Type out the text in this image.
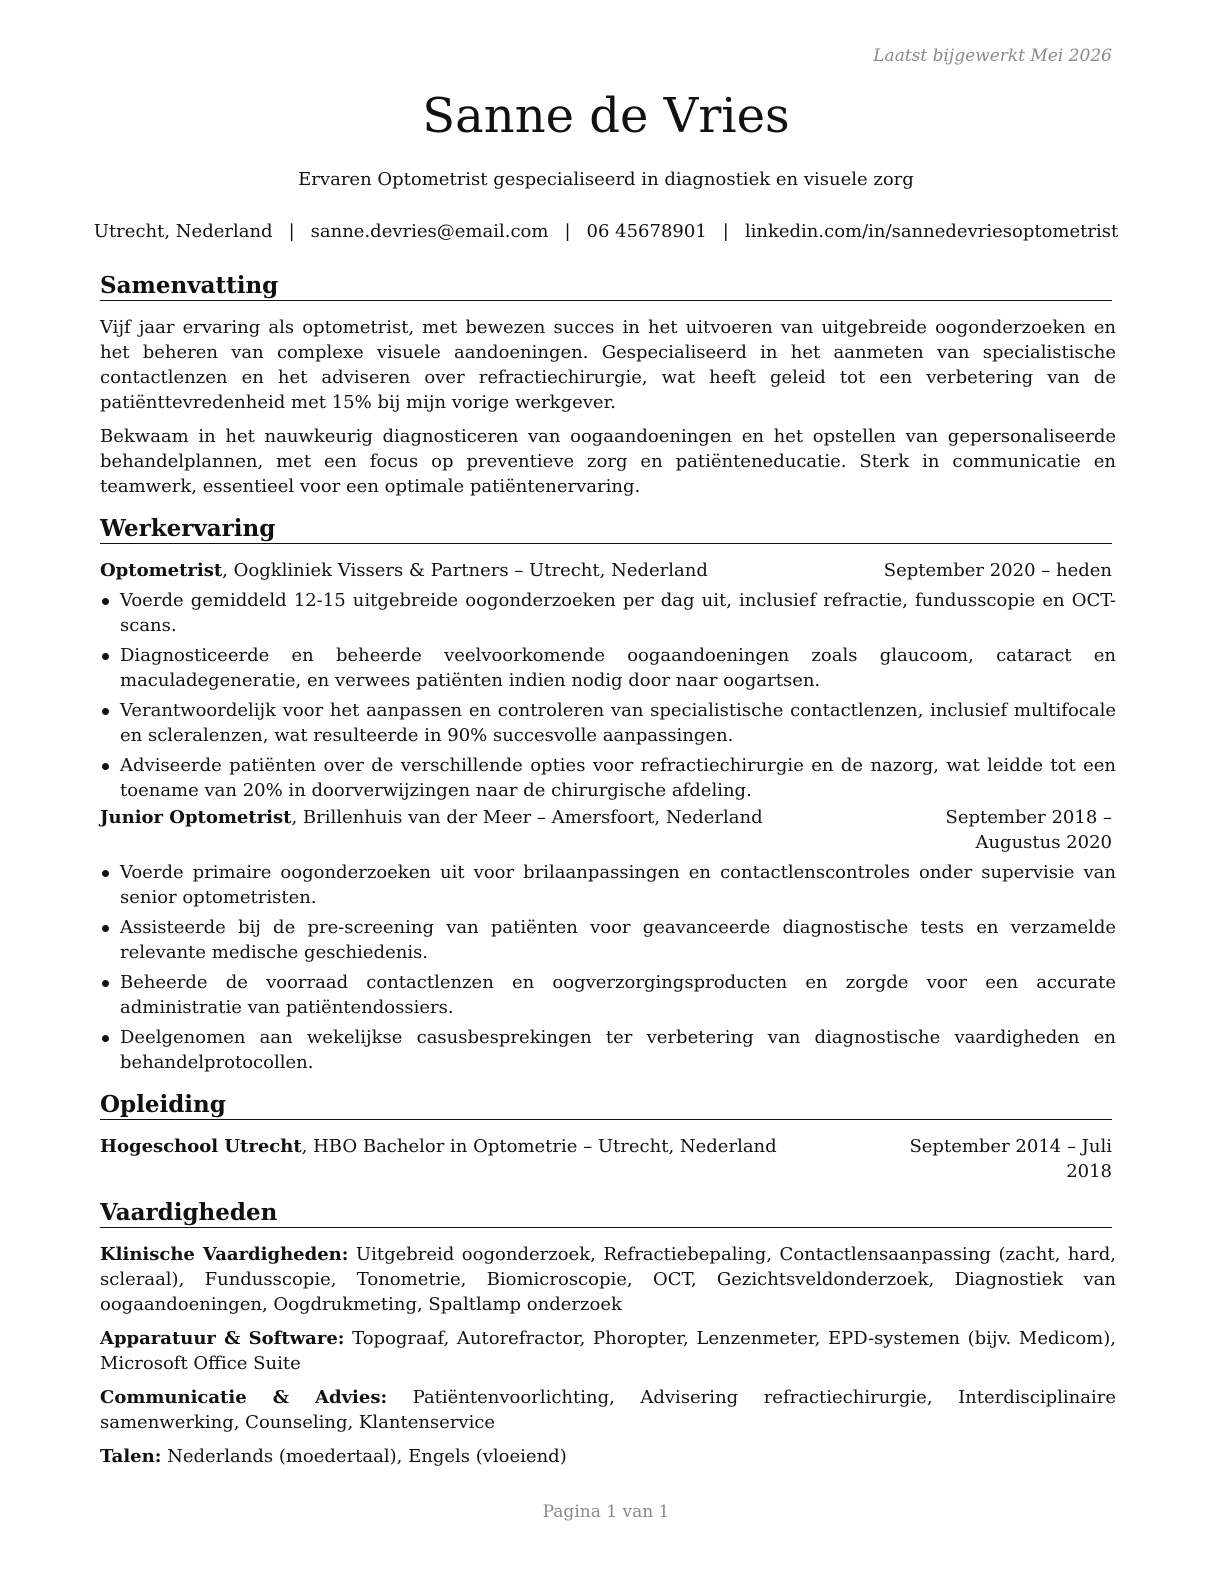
Laatst bijgewerkt Mei 2026
Sanne de Vries
Ervaren Optometrist gespecialiseerd in diagnostiek en visuele zorg
Utrecht, Nederland | sanne.devries@email.com | 06 45678901 | linkedin.com/in/sannedevriesoptometrist
Samenvatting

Vijf jaar ervaring als optometrist, met bewezen succes in het uitvoeren van uitgebreide oogonderzoeken en het beheren van complexe visuele aandoeningen. Gespecialiseerd in het aanmeten van specialistische contactlenzen en het adviseren over refractiechirurgie, wat heeft geleid tot een verbetering van de patiënttevredenheid met 15% bij mijn vorige werkgever.

Bekwaam in het nauwkeurig diagnosticeren van oogaandoeningen en het opstellen van gepersonaliseerde behandelplannen, met een focus op preventieve zorg en patiënteneducatie. Sterk in communicatie en teamwerk, essentieel voor een optimale patiëntenervaring.

Werkervaring
Optometrist, Oogkliniek Vissers & Partners – Utrecht, Nederland	September 2020 – heden
Voerde gemiddeld 12-15 uitgebreide oogonderzoeken per dag uit, inclusief refractie, fundusscopie en OCT-scans.
Diagnosticeerde en beheerde veelvoorkomende oogaandoeningen zoals glaucoom, cataract en maculadegeneratie, en verwees patiënten indien nodig door naar oogartsen.
Verantwoordelijk voor het aanpassen en controleren van specialistische contactlenzen, inclusief multifocale en scleralenzen, wat resulteerde in 90% succesvolle aanpassingen.
Adviseerde patiënten over de verschillende opties voor refractiechirurgie en de nazorg, wat leidde tot een toename van 20% in doorverwijzingen naar de chirurgische afdeling.
Junior Optometrist, Brillenhuis van der Meer – Amersfoort, Nederland	September 2018 – Augustus 2020
Voerde primaire oogonderzoeken uit voor brilaanpassingen en contactlenscontroles onder supervisie van senior optometristen.
Assisteerde bij de pre-screening van patiënten voor geavanceerde diagnostische tests en verzamelde relevante medische geschiedenis.
Beheerde de voorraad contactlenzen en oogverzorgingsproducten en zorgde voor een accurate administratie van patiëntendossiers.
Deelgenomen aan wekelijkse casusbesprekingen ter verbetering van diagnostische vaardigheden en behandelprotocollen.
Opleiding
Hogeschool Utrecht, HBO Bachelor in Optometrie – Utrecht, Nederland	September 2014 – Juli 2018
Vaardigheden

Klinische Vaardigheden: Uitgebreid oogonderzoek, Refractiebepaling, Contactlensaanpassing (zacht, hard, scleraal), Fundusscopie, Tonometrie, Biomicroscopie, OCT, Gezichtsveldonderzoek, Diagnostiek van oogaandoeningen, Oogdrukmeting, Spaltlamp onderzoek

Apparatuur & Software: Topograaf, Autorefractor, Phoropter, Lenzenmeter, EPD-systemen (bijv. Medicom), Microsoft Office Suite

Communicatie & Advies: Patiëntenvoorlichting, Advisering refractiechirurgie, Interdisciplinaire samenwerking, Counseling, Klantenservice

Talen: Nederlands (moedertaal), Engels (vloeiend)

Pagina 1 van 1
